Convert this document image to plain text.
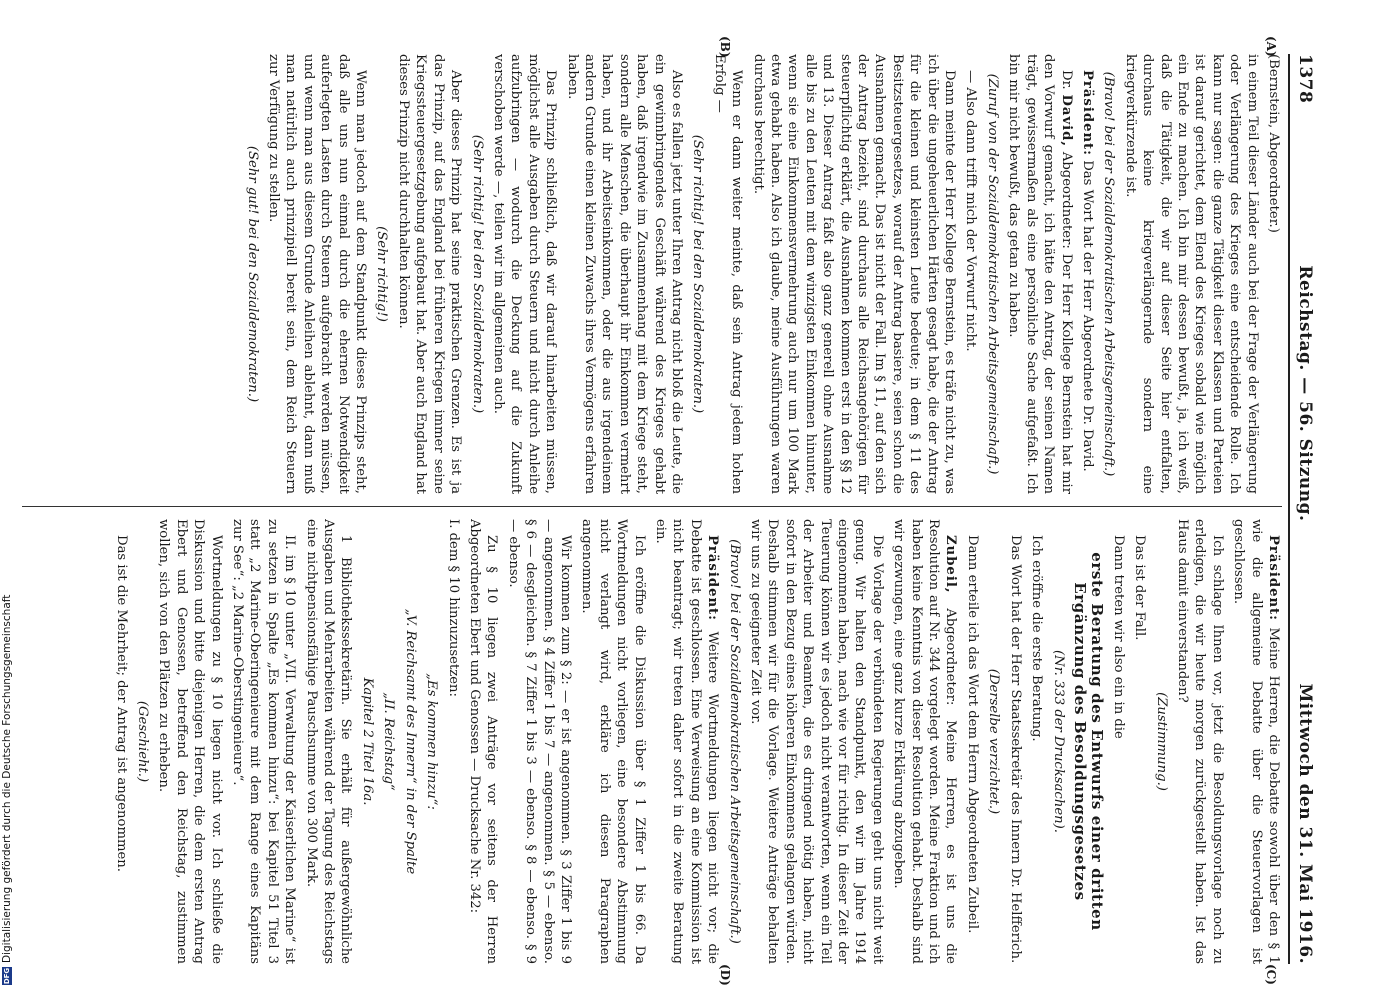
1378
Reichstag. — 56. Sitzung.
Mittwoch den 31. Mai 1916.
(A)
(B)
(C)
(D)

(Bernstein, Abgeordneter.)

in einem Teil dieser Länder auch bei der Frage der Verlängerung oder Verlängerung des Krieges eine entscheidende Rolle. Ich kann nur sagen: die ganze Tätigkeit dieser Klassen und Parteien ist darauf gerichtet, dem Elend des Krieges sobald wie möglich ein Ende zu machen. Ich bin mir dessen bewußt, ja, ich weiß, daß die Tätigkeit, die wir auf dieser Seite hier entfalten, durchaus keine kriegverlängernde sondern eine kriegverkürzende ist.

(Bravo! bei der Sozialdemokratischen Arbeitsgemeinschaft.)

Präsident: Das Wort hat der Herr Abgeordnete Dr. David.

Dr. David, Abgeordneter: Der Herr Kollege Bernstein hat mir den Vorwurf gemacht, ich hätte den Antrag, der seinen Namen trägt, gewissermaßen als eine persönliche Sache aufgefaßt. Ich bin mir nicht bewußt, das getan zu haben.

(Zuruf von der Sozialdemokratischen Arbeitsgemeinschaft.)

— Also dann trifft mich der Vorwurf nicht.

Dann meinte der Herr Kollege Bernstein, es träfe nicht zu, was ich über die ungeheuerlichen Härten gesagt habe, die der Antrag für die kleinen und kleinsten Leute bedeute; in dem § 11 des Besitzsteuergesetzes, worauf der Antrag basiere, seien schon die Ausnahmen gemacht. Das ist nicht der Fall. Im § 11, auf den sich der Antrag bezieht, sind durchaus alle Reichsangehörigen für steuerpflichtig erklärt, die Ausnahmen kommen erst in den §§ 12 und 13. Dieser Antrag faßt also ganz generell ohne Ausnahme alle bis zu den Leuten mit dem winzigsten Einkommen hinunter, wenn sie eine Einkommensvermehrung auch nur um 100 Mark etwa gehabt haben. Also ich glaube, meine Ausführungen waren durchaus berechtigt.

Wenn er dann weiter meinte, daß sein Antrag jedem hohen Erfolg —

(Sehr richtig! bei den Sozialdemokraten.)

Also es fallen jetzt unter Ihren Antrag nicht bloß die Leute, die ein gewinnbringendes Geschäft während des Krieges gehabt haben, daß irgendwie im Zusammenhang mit dem Kriege steht, sondern alle Menschen, die überhaupt ihr Einkommen vermehrt haben, und ihr Arbeitseinkommen, oder die aus irgendeinem andern Grunde einen kleinen Zuwachs ihres Vermögens erfahren haben.

Das Prinzip schließlich, daß wir darauf hinarbeiten müssen, möglichst alle Ausgaben durch Steuern und nicht durch Anleihe aufzubringen — wodurch die Deckung auf die Zukunft verschoben werde —, teilen wir im allgemeinen auch.

(Sehr richtig! bei den Sozialdemokraten.)

Aber dieses Prinzip hat seine praktischen Grenzen. Es ist ja das Prinzip, auf das England bei früheren Kriegen immer seine Kriegssteuergesetzgebung aufgebaut hat. Aber auch England hat dieses Prinzip nicht durchhalten können.

(Sehr richtig!)

Wenn man jedoch auf dem Standpunkt dieses Prinzips steht, daß alle uns nun einmal durch die ehernen Notwendigkeit auferlegten Lasten durch Steuern aufgebracht werden müssen, und wenn man aus diesem Grunde Anleihen ablehnt, dann muß man natürlich auch prinzipiell bereit sein, dem Reich Steuern zur Verfügung zu stellen.

(Sehr gut! bei den Sozialdemokraten.)

Präsident: Meine Herren, die Debatte sowohl über den § 1 wie die allgemeine Debatte über die Steuervorlagen ist geschlossen.

Ich schlage Ihnen vor, jetzt die Besoldungsvorlage noch zu erledigen, die wir heute morgen zurückgestellt haben. Ist das Haus damit einverstanden?

(Zustimmung.)

Das ist der Fall.

Dann treten wir also ein in die

erste Beratung des Entwurfs einer dritten Ergänzung des Besoldungsgesetzes

(Nr. 333 der Drucksachen).

Ich eröffne die erste Beratung.

Das Wort hat der Herr Staatssekretär des Innern Dr. Helfferich.

(Derselbe verzichtet.)

Dann erteile ich das Wort dem Herrn Abgeordneten Zubeil.

Zubeil, Abgeordneter: Meine Herren, es ist uns die Resolution auf Nr. 344 vorgelegt worden. Meine Fraktion und ich haben keine Kenntnis von dieser Resolution gehabt. Deshalb sind wir gezwungen, eine ganz kurze Erklärung abzugeben.

Die Vorlage der verbündeten Regierungen geht uns nicht weit genug. Wir halten den Standpunkt, den wir im Jahre 1914 eingenommen haben, nach wie vor für richtig. In dieser Zeit der Teuerung können wir es jedoch nicht verantworten, wenn ein Teil der Arbeiter und Beamten, die es dringend nötig haben, nicht sofort in den Bezug eines höheren Einkommens gelangen würden. Deshalb stimmen wir für die Vorlage. Weitere Anträge behalten wir uns zu geeigneter Zeit vor.

(Bravo! bei der Sozialdemokratischen Arbeitsgemeinschaft.)

Präsident: Weitere Wortmeldungen liegen nicht vor; die Debatte ist geschlossen. Eine Verweisung an eine Kommission ist nicht beantragt; wir treten daher sofort in die zweite Beratung ein.

Ich eröffne die Diskussion über § 1 Ziffer 1 bis 66. Da Wortmeldungen nicht vorliegen, eine besondere Abstimmung nicht verlangt wird, erkläre ich diesen Paragraphen angenommen.

Wir kommen zum § 2: — er ist angenommen. § 3 Ziffer 1 bis 9 — angenommen. § 4 Ziffer 1 bis 7 — angenommen. § 5 — ebenso. § 6 — desgleichen. § 7 Ziffer 1 bis 3 — ebenso. § 8 — ebenso. § 9 — ebenso.

Zu § 10 liegen zwei Anträge vor seitens der Herren Abgeordneten Ebert und Genossen — Drucksache Nr. 342:

I. dem § 10 hinzuzusetzen:

„Es kommen hinzu“:

„V. Reichsamt des Innern“ in der Spalte

„II. Reichstag“

Kapitel 2 Titel 16a.

1 Bibliothekssekretärin. Sie erhält für außergewöhnliche Ausgaben und Mehrarbeiten während der Tagung des Reichstags eine nichtpensionsfähige Pauschsumme von 300 Mark.

II. im § 10 unter „VII. Verwaltung der Kaiserlichen Marine“ ist zu setzen in Spalte „Es kommen hinzu“: bei Kapitel 51 Titel 3 statt „2 Marine-Oberingenieure mit dem Range eines Kapitäns zur See“: „2 Marine-Oberstingenieure“.

Wortmeldungen zu § 10 liegen nicht vor. Ich schließe die Diskussion und bitte diejenigen Herren, die dem ersten Antrag Ebert und Genossen, betreffend den Reichstag, zustimmen wollen, sich von den Plätzen zu erheben.

(Geschieht.)

Das ist die Mehrheit; der Antrag ist angenommen.

DFG
Digitalisierung gefördert durch die Deutsche Forschungsgemeinschaft
